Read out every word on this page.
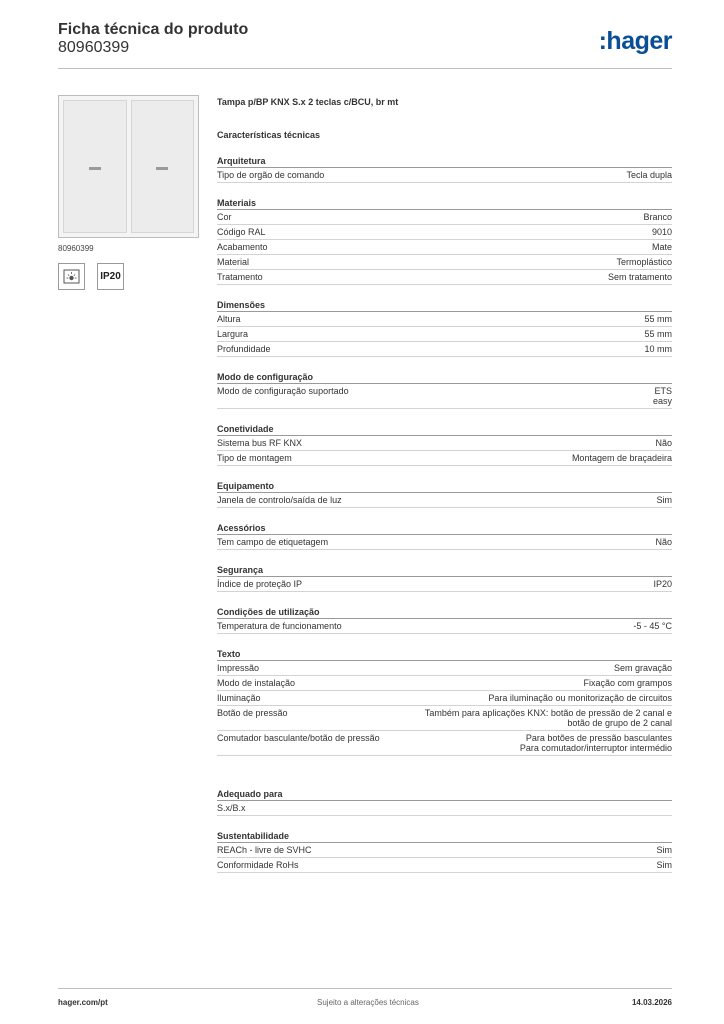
Ficha técnica do produto
80960399	:hager
80960399
IP20
Tampa p/BP KNX S.x 2 teclas c/BCU, br mt
Características técnicas
Arquitetura
Tipo de orgão de comando	Tecla dupla
Materiais
Cor	Branco
Código RAL	9010
Acabamento	Mate
Material	Termoplástico
Tratamento	Sem tratamento
Dimensões
Altura	55 mm
Largura	55 mm
Profundidade	10 mm
Modo de configuração
Modo de configuração suportado	ETS
easy
Conetividade
Sistema bus RF KNX	Não
Tipo de montagem	Montagem de braçadeira
Equipamento
Janela de controlo/saída de luz	Sim
Acessórios
Tem campo de etiquetagem	Não
Segurança
Índice de proteção IP	IP20
Condições de utilização
Temperatura de funcionamento	-5 - 45 °C
Texto
Impressão	Sem gravação
Modo de instalação	Fixação com grampos
Iluminação	Para iluminação ou monitorização de circuitos
Botão de pressão	Também para aplicações KNX: botão de pressão de 2 canal e
botão de grupo de 2 canal
Comutador basculante/botão de pressão	Para botões de pressão basculantes
Para comutador/interruptor intermédio
Adequado para
S.x/B.x
Sustentabilidade
REACh - livre de SVHC	Sim
Conformidade RoHs	Sim
hager.com/pt	Sujeito a alterações técnicas	14.03.2026
